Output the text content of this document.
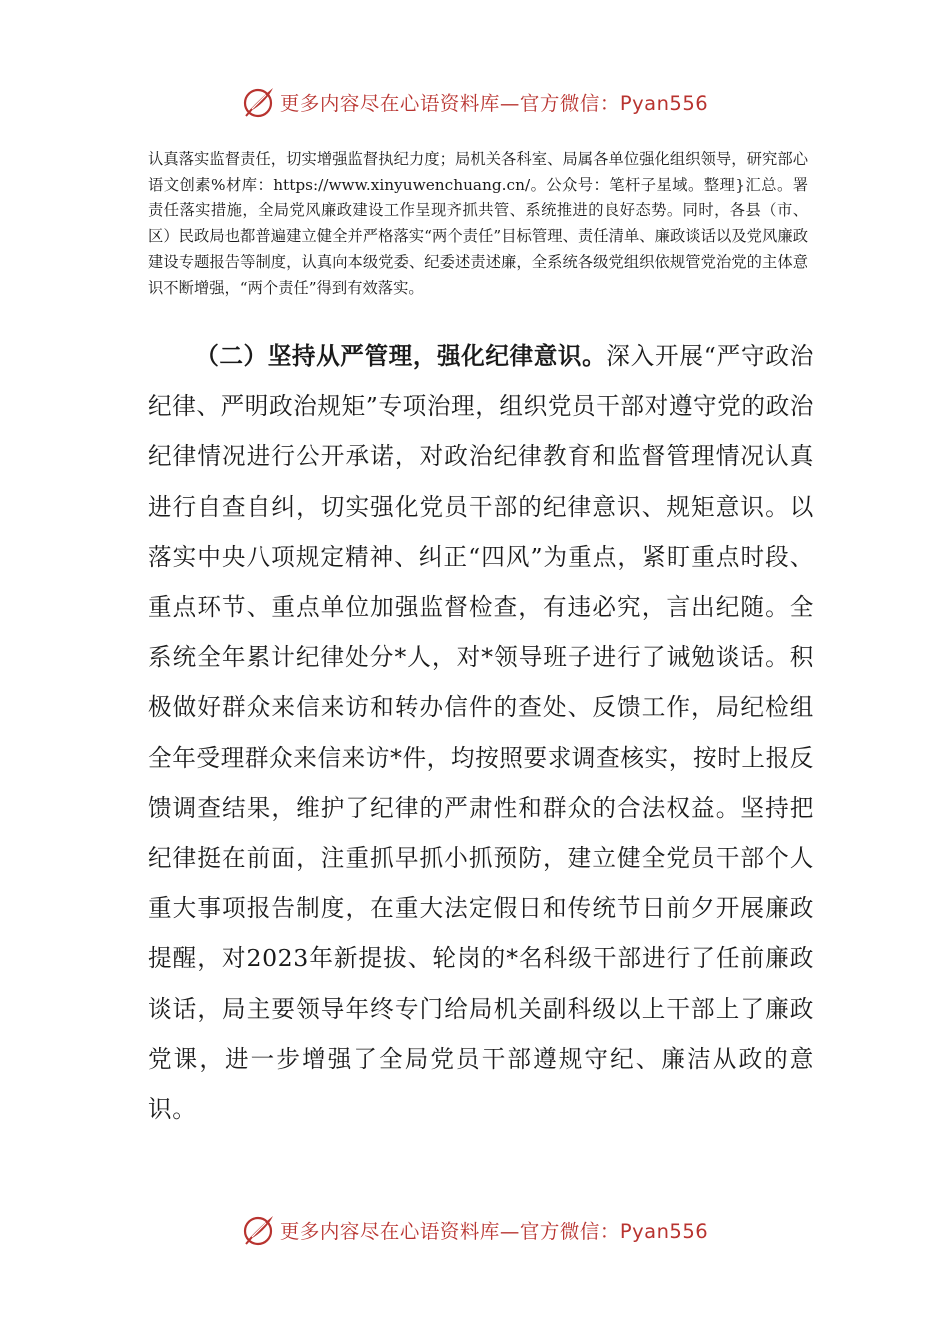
更多内容尽在心语资料库—官方微信：Pyan556

认真落实监督责任，切实增强监督执纪力度；局机关各科室、局属各单位强化组织领导，研究部心语文创素%材库：https://www.xinyuwenchuang.cn/。公众号：笔杆子星域。整理}汇总。署责任落实措施，全局党风廉政建设工作呈现齐抓共管、系统推进的良好态势。同时，各县（市、区）民政局也都普遍建立健全并严格落实“两个责任”目标管理、责任清单、廉政谈话以及党风廉政建设专题报告等制度，认真向本级党委、纪委述责述廉，全系统各级党组织依规管党治党的主体意识不断增强，“两个责任”得到有效落实。

（二）坚持从严管理，强化纪律意识。深入开展“严守政治纪律、严明政治规矩”专项治理，组织党员干部对遵守党的政治纪律情况进行公开承诺，对政治纪律教育和监督管理情况认真进行自查自纠，切实强化党员干部的纪律意识、规矩意识。以落实中央八项规定精神、纠正“四风”为重点，紧盯重点时段、重点环节、重点单位加强监督检查，有违必究，言出纪随。全系统全年累计纪律处分*人，对*领导班子进行了诫勉谈话。积极做好群众来信来访和转办信件的查处、反馈工作，局纪检组全年受理群众来信来访*件，均按照要求调查核实，按时上报反馈调查结果，维护了纪律的严肃性和群众的合法权益。坚持把纪律挺在前面，注重抓早抓小抓预防，建立健全党员干部个人重大事项报告制度，在重大法定假日和传统节日前夕开展廉政提醒，对2023年新提拔、轮岗的*名科级干部进行了任前廉政谈话，局主要领导年终专门给局机关副科级以上干部上了廉政党课，进一步增强了全局党员干部遵规守纪、廉洁从政的意识。

更多内容尽在心语资料库—官方微信：Pyan556
